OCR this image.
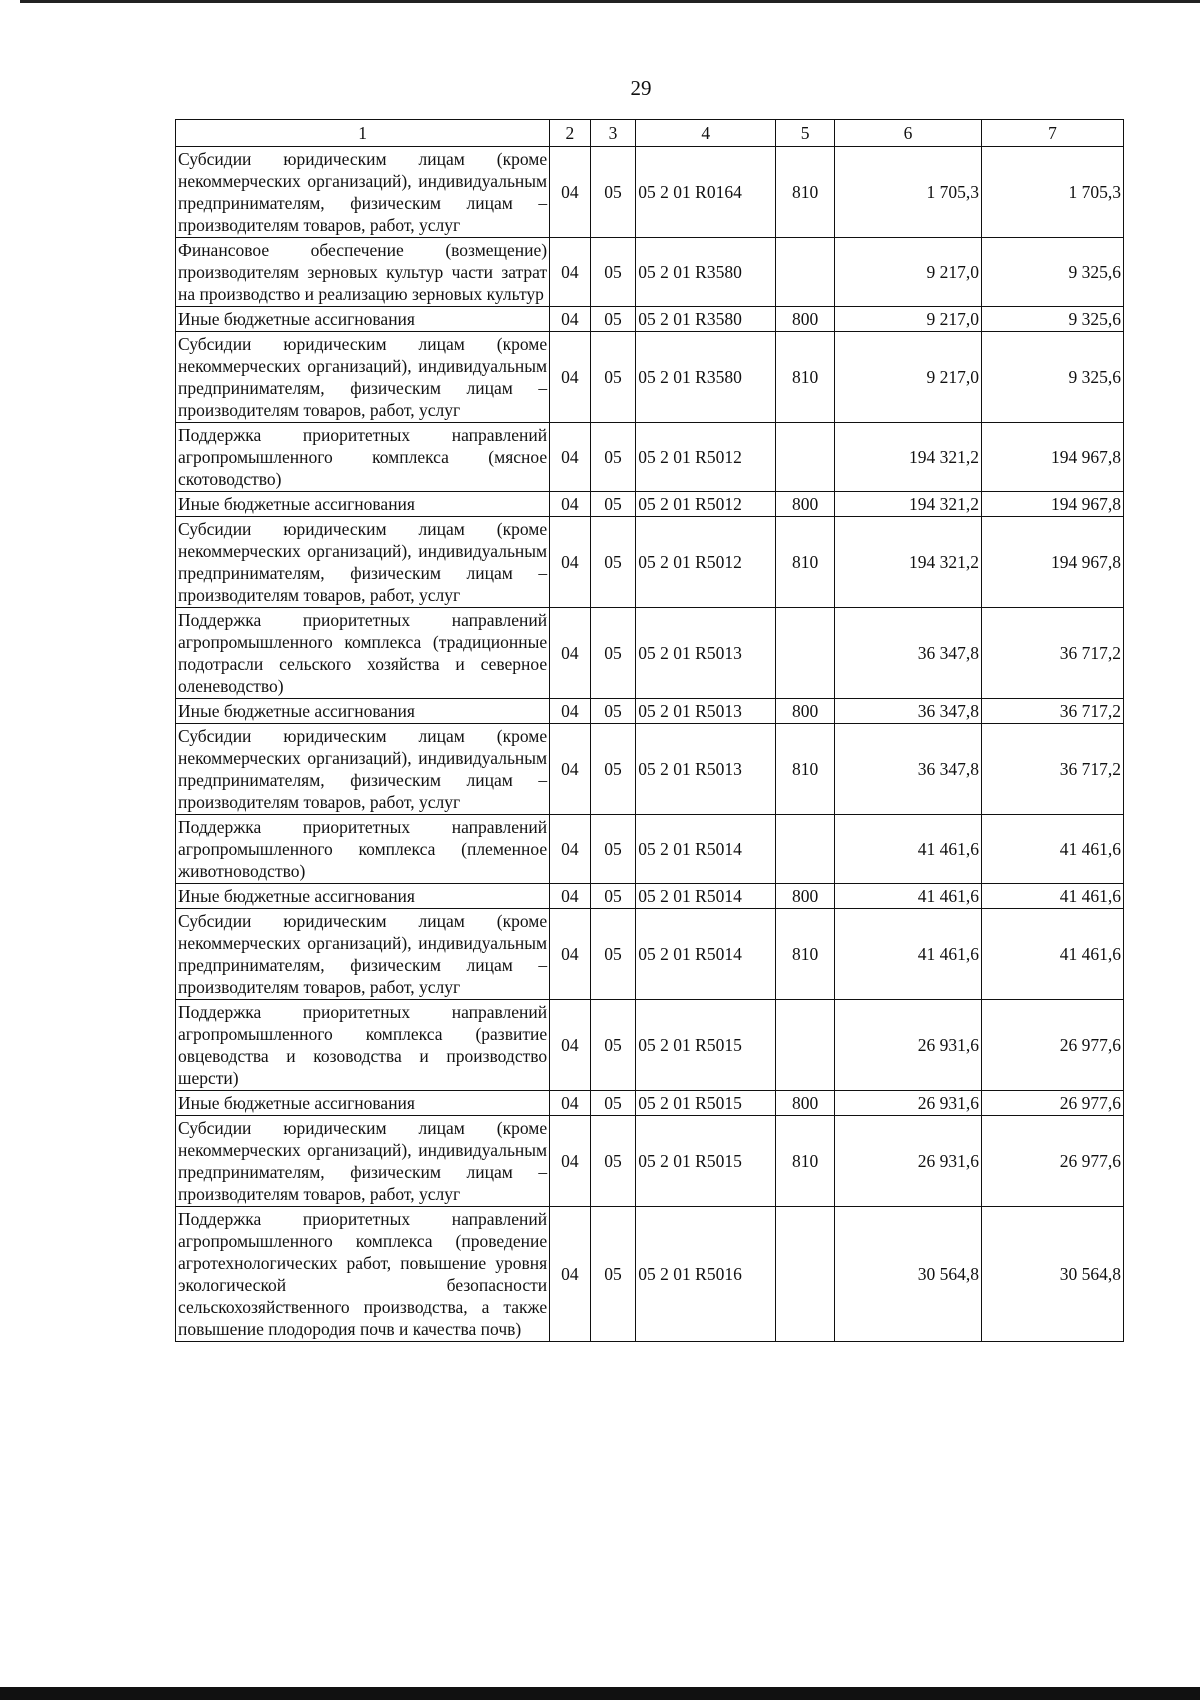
29
1	2	3	4	5	6	7
Субсидии юридическим лицам (кроме некоммерческих организаций), индивидуальным предпринимателям, физическим лицам – производителям товаров, работ, услуг	04	05	05 2 01 R0164	810	1 705,3	1 705,3
Финансовое обеспечение (возмещение) производителям зерновых культур части затрат на производство и реализацию зерновых культур	04	05	05 2 01 R3580		9 217,0	9 325,6
Иные бюджетные ассигнования	04	05	05 2 01 R3580	800	9 217,0	9 325,6
Субсидии юридическим лицам (кроме некоммерческих организаций), индивидуальным предпринимателям, физическим лицам – производителям товаров, работ, услуг	04	05	05 2 01 R3580	810	9 217,0	9 325,6
Поддержка приоритетных направлений агропромышленного комплекса (мясное скотоводство)	04	05	05 2 01 R5012		194 321,2	194 967,8
Иные бюджетные ассигнования	04	05	05 2 01 R5012	800	194 321,2	194 967,8
Субсидии юридическим лицам (кроме некоммерческих организаций), индивидуальным предпринимателям, физическим лицам – производителям товаров, работ, услуг	04	05	05 2 01 R5012	810	194 321,2	194 967,8
Поддержка приоритетных направлений агропромышленного комплекса (традиционные подотрасли сельского хозяйства и северное оленеводство)	04	05	05 2 01 R5013		36 347,8	36 717,2
Иные бюджетные ассигнования	04	05	05 2 01 R5013	800	36 347,8	36 717,2
Субсидии юридическим лицам (кроме некоммерческих организаций), индивидуальным предпринимателям, физическим лицам – производителям товаров, работ, услуг	04	05	05 2 01 R5013	810	36 347,8	36 717,2
Поддержка приоритетных направлений агропромышленного комплекса (племенное животноводство)	04	05	05 2 01 R5014		41 461,6	41 461,6
Иные бюджетные ассигнования	04	05	05 2 01 R5014	800	41 461,6	41 461,6
Субсидии юридическим лицам (кроме некоммерческих организаций), индивидуальным предпринимателям, физическим лицам – производителям товаров, работ, услуг	04	05	05 2 01 R5014	810	41 461,6	41 461,6
Поддержка приоритетных направлений агропромышленного комплекса (развитие овцеводства и козоводства и производство шерсти)	04	05	05 2 01 R5015		26 931,6	26 977,6
Иные бюджетные ассигнования	04	05	05 2 01 R5015	800	26 931,6	26 977,6
Субсидии юридическим лицам (кроме некоммерческих организаций), индивидуальным предпринимателям, физическим лицам – производителям товаров, работ, услуг	04	05	05 2 01 R5015	810	26 931,6	26 977,6
Поддержка приоритетных направлений агропромышленного комплекса (проведение агротехнологических работ, повышение уровня экологической безопасности сельскохозяйственного производства, а также повышение плодородия почв и качества почв)	04	05	05 2 01 R5016		30 564,8	30 564,8
